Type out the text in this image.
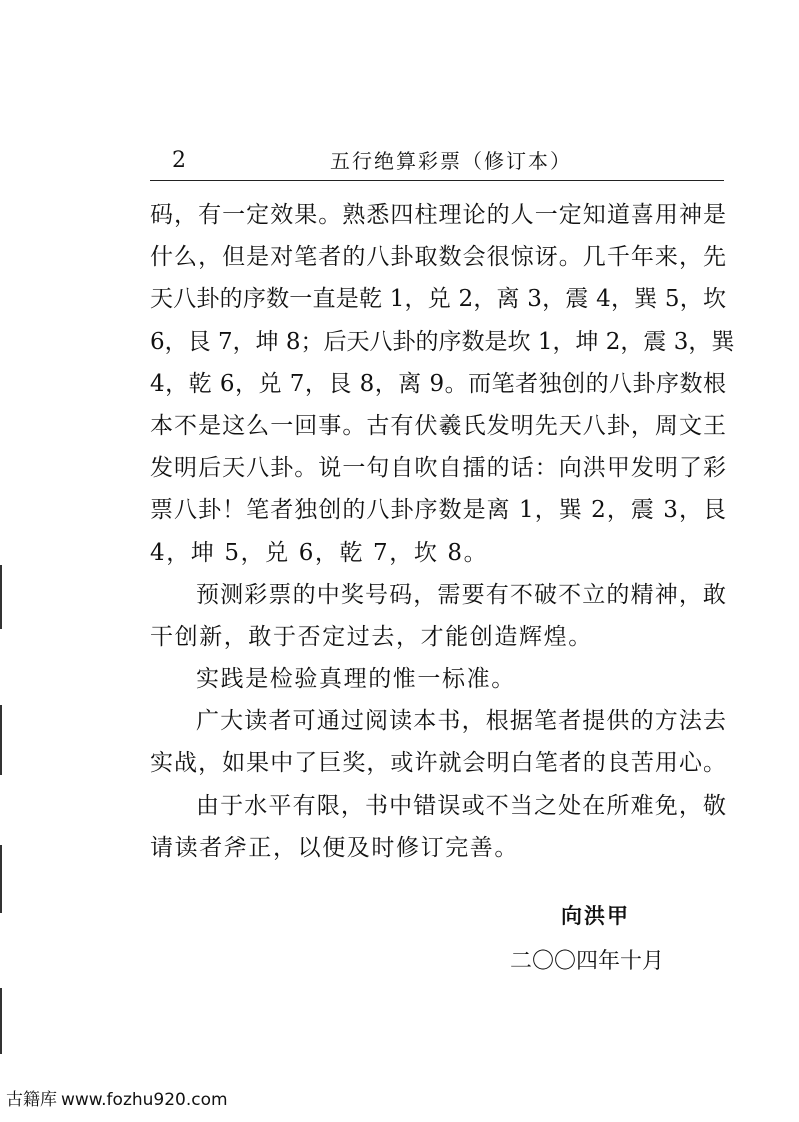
2	五行绝算彩票（修订本）
码，有一定效果。熟悉四柱理论的人一定知道喜用神是
什么，但是对笔者的八卦取数会很惊讶。几千年来，先
天八卦的序数一直是乾 1，兑 2，离 3，震 4，巽 5，坎
6，艮 7，坤 8；后天八卦的序数是坎 1，坤 2，震 3，巽
4，乾 6，兑 7，艮 8，离 9。而笔者独创的八卦序数根
本不是这么一回事。古有伏羲氏发明先天八卦，周文王
发明后天八卦。说一句自吹自擂的话：向洪甲发明了彩
票八卦！笔者独创的八卦序数是离 1，巽 2，震 3，艮
4，坤 5，兑 6，乾 7，坎 8。
预测彩票的中奖号码，需要有不破不立的精神，敢
干创新，敢于否定过去，才能创造辉煌。
实践是检验真理的惟一标准。
广大读者可通过阅读本书，根据笔者提供的方法去
实战，如果中了巨奖，或许就会明白笔者的良苦用心。
由于水平有限，书中错误或不当之处在所难免，敬
请读者斧正，以便及时修订完善。
向洪甲
二〇〇四年十月
古籍库 www.fozhu920.com
